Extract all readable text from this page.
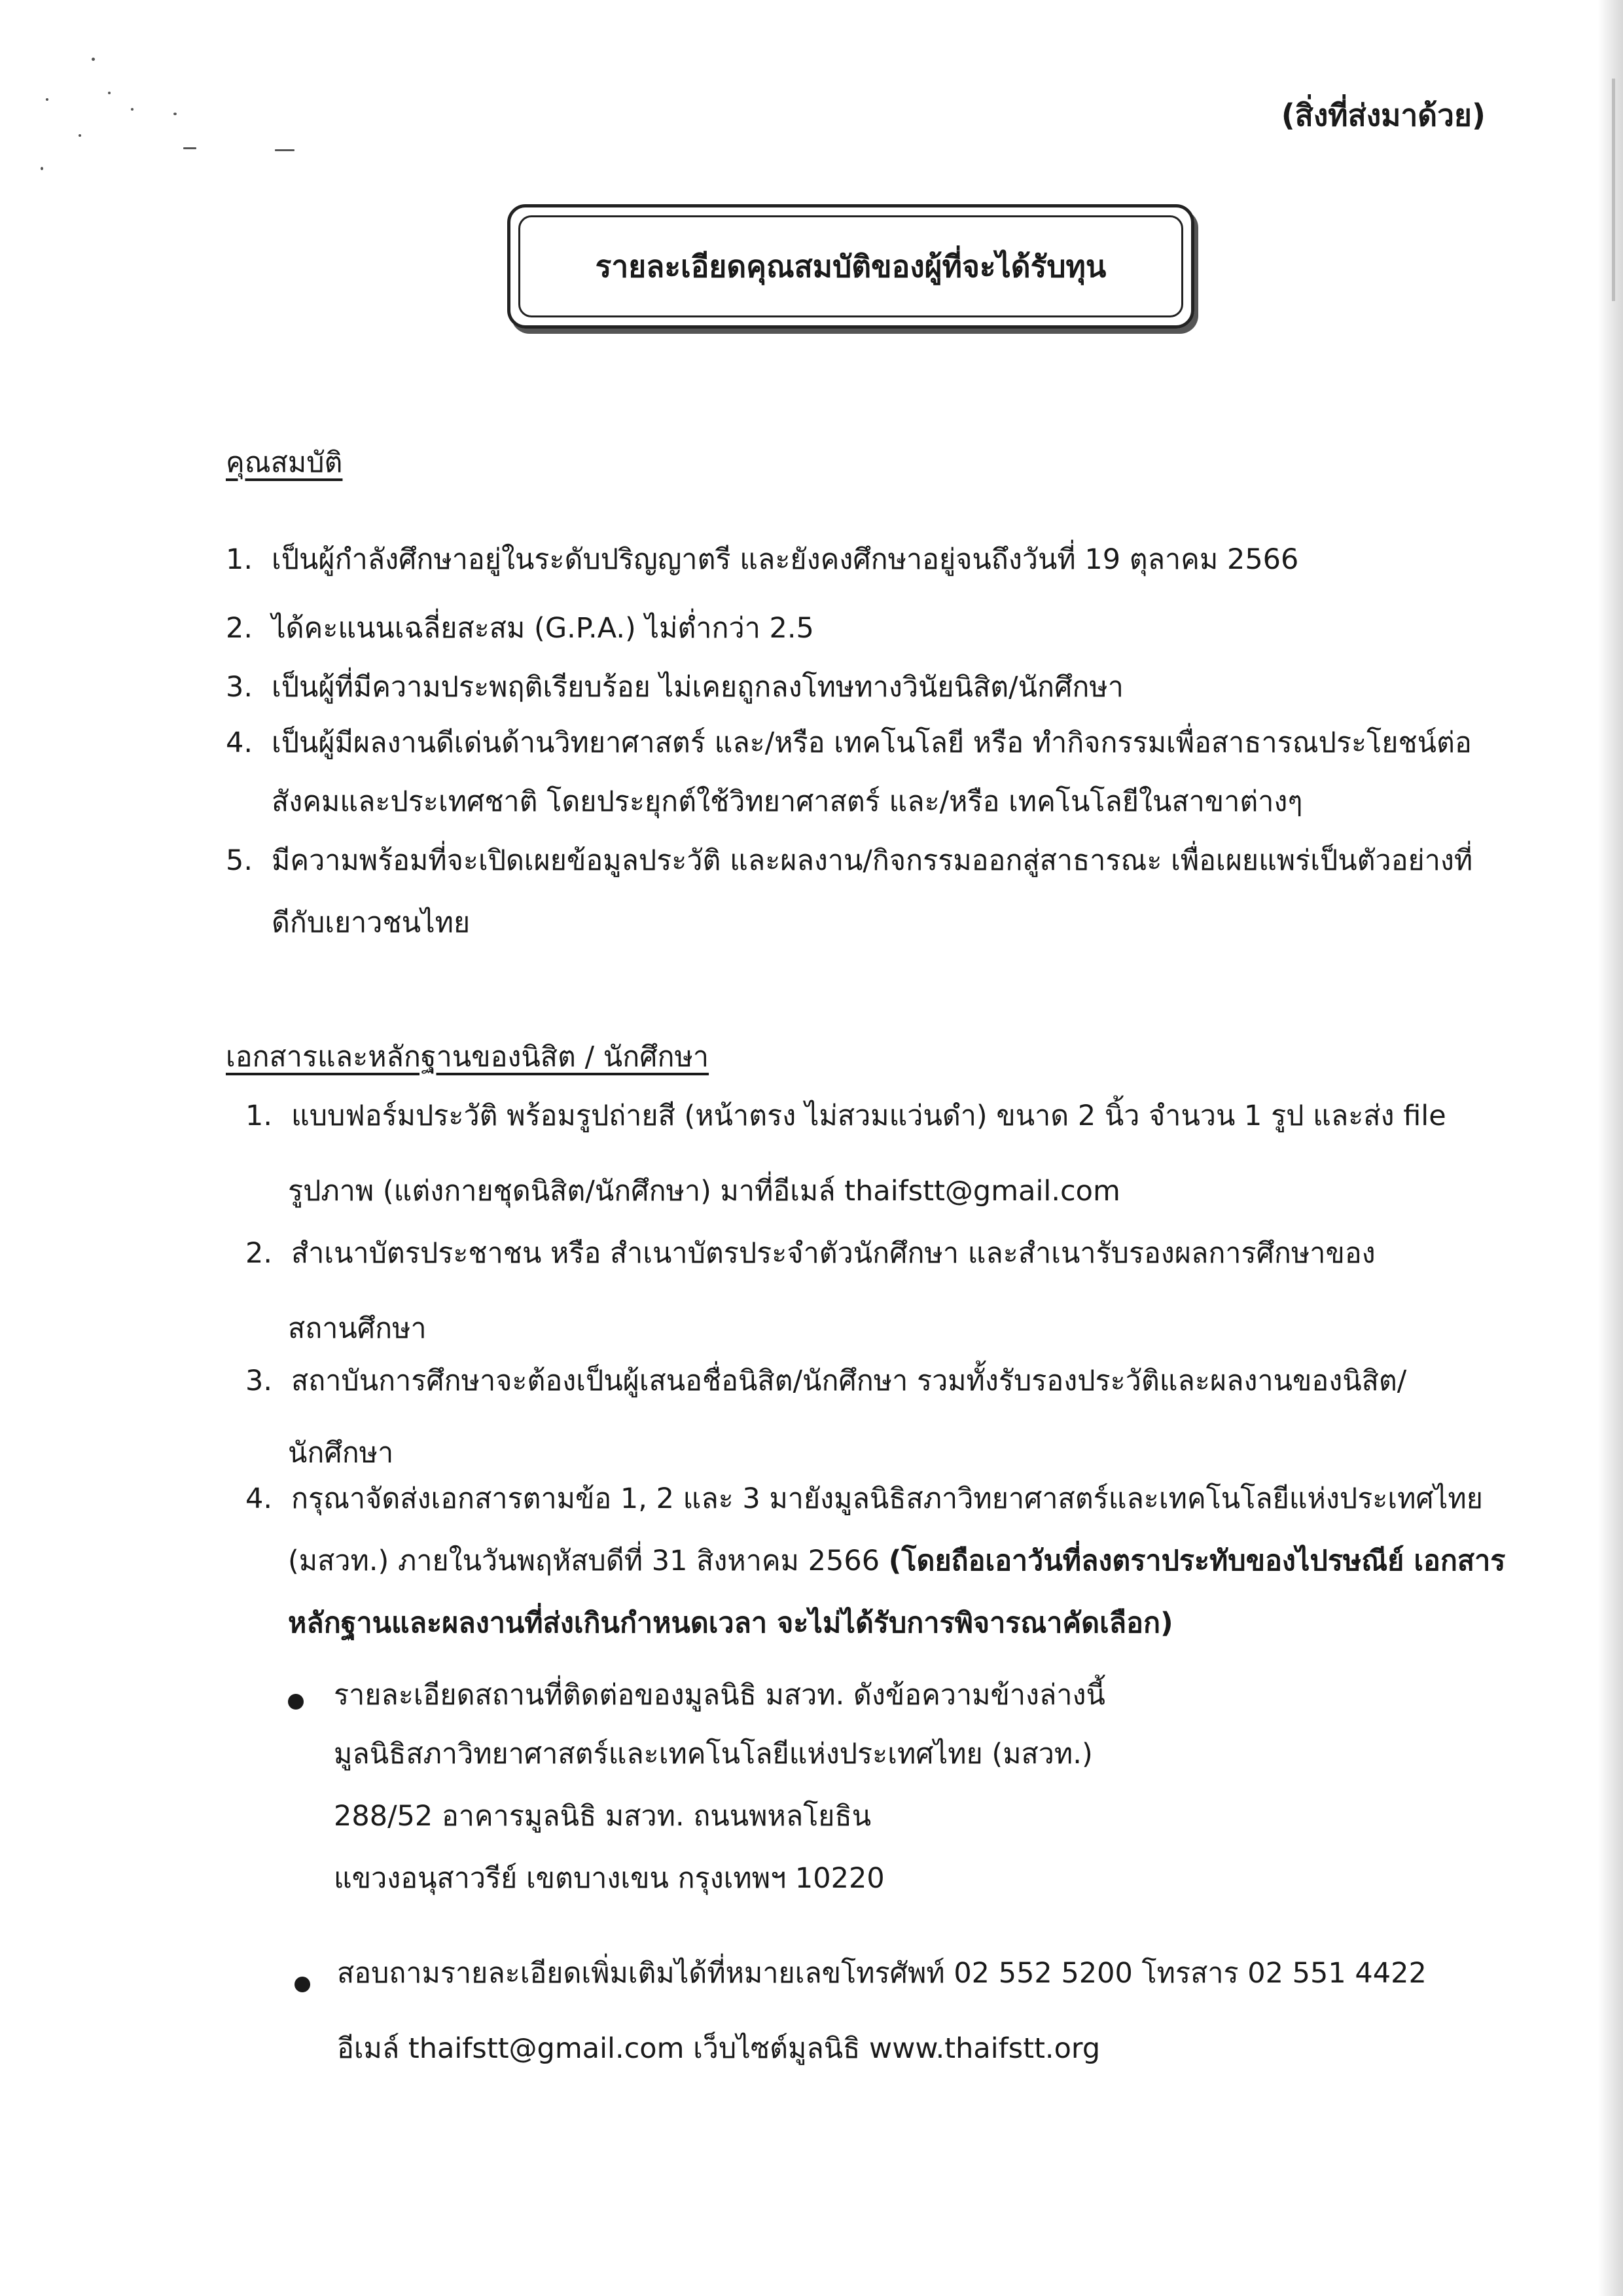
(สิ่งที่ส่งมาด้วย)
รายละเอียดคุณสมบัติของผู้ที่จะได้รับทุน
คุณสมบัติ
1. เป็นผู้กำลังศึกษาอยู่ในระดับปริญญาตรี และยังคงศึกษาอยู่จนถึงวันที่ 19 ตุลาคม 2566
2. ได้คะแนนเฉลี่ยสะสม (G.P.A.) ไม่ต่ำกว่า 2.5
3. เป็นผู้ที่มีความประพฤติเรียบร้อย ไม่เคยถูกลงโทษทางวินัยนิสิต/นักศึกษา
4. เป็นผู้มีผลงานดีเด่นด้านวิทยาศาสตร์ และ/หรือ เทคโนโลยี หรือ ทำกิจกรรมเพื่อสาธารณประโยชน์ต่อ
สังคมและประเทศชาติ โดยประยุกต์ใช้วิทยาศาสตร์ และ/หรือ เทคโนโลยีในสาขาต่างๆ
5. มีความพร้อมที่จะเปิดเผยข้อมูลประวัติ และผลงาน/กิจกรรมออกสู่สาธารณะ เพื่อเผยแพร่เป็นตัวอย่างที่
ดีกับเยาวชนไทย
เอกสารและหลักฐานของนิสิต / นักศึกษา
1. แบบฟอร์มประวัติ พร้อมรูปถ่ายสี (หน้าตรง ไม่สวมแว่นดำ) ขนาด 2 นิ้ว จำนวน 1 รูป และส่ง file
รูปภาพ (แต่งกายชุดนิสิต/นักศึกษา) มาที่อีเมล์ thaifstt@gmail.com
2. สำเนาบัตรประชาชน หรือ สำเนาบัตรประจำตัวนักศึกษา และสำเนารับรองผลการศึกษาของ
สถานศึกษา
3. สถาบันการศึกษาจะต้องเป็นผู้เสนอชื่อนิสิต/นักศึกษา รวมทั้งรับรองประวัติและผลงานของนิสิต/
นักศึกษา
4. กรุณาจัดส่งเอกสารตามข้อ 1, 2 และ 3 มายังมูลนิธิสภาวิทยาศาสตร์และเทคโนโลยีแห่งประเทศไทย
(มสวท.) ภายในวันพฤหัสบดีที่ 31 สิงหาคม 2566 (โดยถือเอาวันที่ลงตราประทับของไปรษณีย์ เอกสาร
หลักฐานและผลงานที่ส่งเกินกำหนดเวลา จะไม่ได้รับการพิจารณาคัดเลือก)
รายละเอียดสถานที่ติดต่อของมูลนิธิ มสวท. ดังข้อความข้างล่างนี้
มูลนิธิสภาวิทยาศาสตร์และเทคโนโลยีแห่งประเทศไทย (มสวท.)
288/52 อาคารมูลนิธิ มสวท. ถนนพหลโยธิน
แขวงอนุสาวรีย์ เขตบางเขน กรุงเทพฯ 10220
สอบถามรายละเอียดเพิ่มเติมได้ที่หมายเลขโทรศัพท์ 02 552 5200 โทรสาร 02 551 4422
อีเมล์ thaifstt@gmail.com เว็บไซต์มูลนิธิ www.thaifstt.org
